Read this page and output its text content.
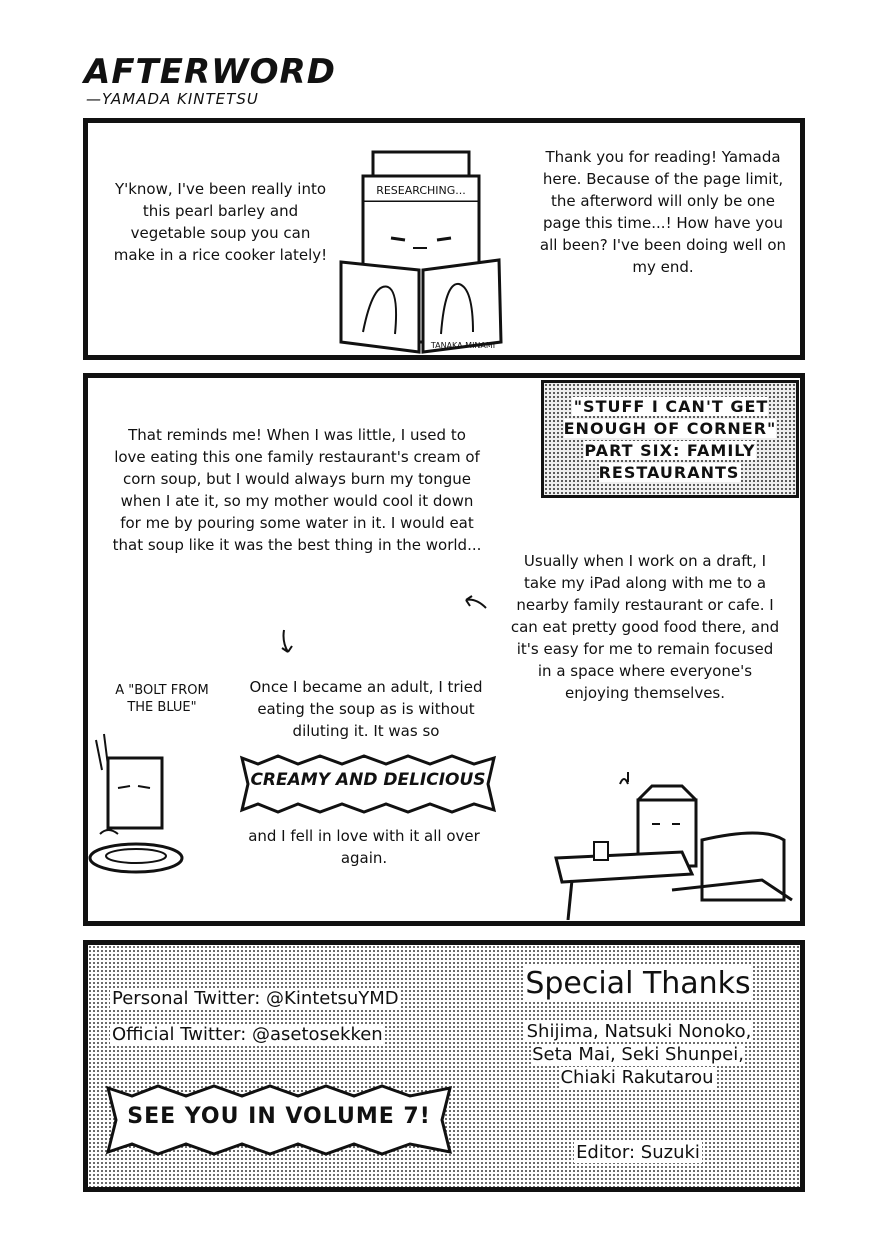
AFTERWORD
—YAMADA KINTETSU
Y'know, I've been really into this pearl barley and vegetable soup you can make in a rice cooker lately!
Thank you for reading! Yamada here. Because of the page limit, the afterword will only be one page this time...! How have you all been? I've been doing well on my end.
RESEARCHING...
TANAKA MINAMI
"STUFF I CAN'T GET ENOUGH OF CORNER" PART SIX: FAMILY RESTAURANTS
That reminds me! When I was little, I used to love eating this one family restaurant's cream of corn soup, but I would always burn my tongue when I ate it, so my mother would cool it down for me by pouring some water in it. I would eat that soup like it was the best thing in the world...
Usually when I work on a draft, I take my iPad along with me to a nearby family restaurant or cafe. I can eat pretty good food there, and it's easy for me to remain focused in a space where everyone's enjoying themselves.
Once I became an adult, I tried eating the soup as is without diluting it. It was so
CREAMY AND DELICIOUS
and I fell in love with it all over again.
A "BOLT FROM THE BLUE"
Personal Twitter: @KintetsuYMD
Official Twitter: @asetosekken
SEE YOU IN VOLUME 7!
Special Thanks
Shijima, Natsuki Nonoko, Seta Mai, Seki Shunpei, Chiaki Rakutarou
Editor: Suzuki
